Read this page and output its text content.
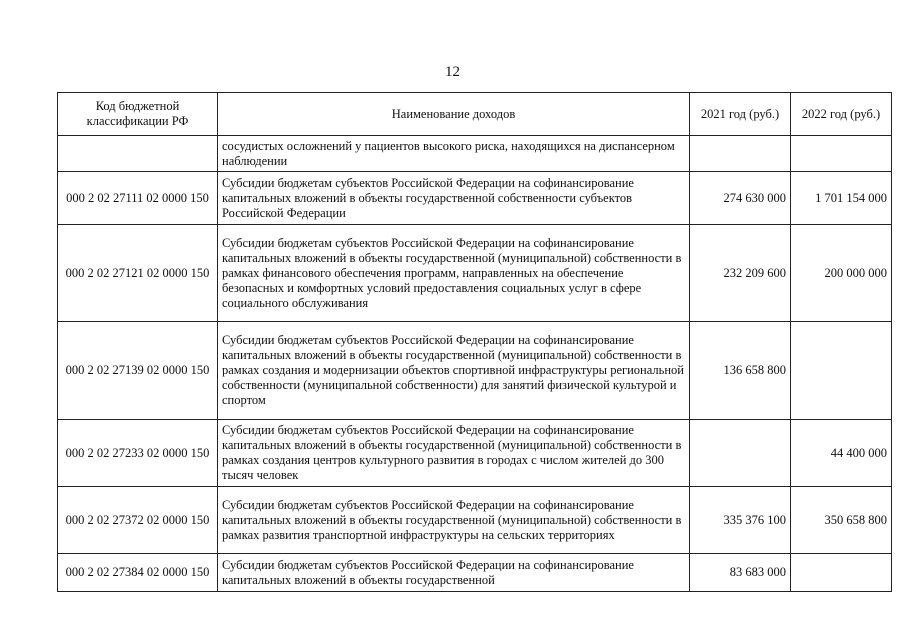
12
Код бюджетной классификации РФ	Наименование доходов	2021 год (руб.)	2022 год (руб.)
	сосудистых осложнений у пациентов высокого риска, находящихся на диспансерном наблюдении		
000 2 02 27111 02 0000 150	Субсидии бюджетам субъектов Российской Федерации на софинансирование капитальных вложений в объекты государственной собственности субъектов Российской Федерации	274 630 000	1 701 154 000
000 2 02 27121 02 0000 150	Субсидии бюджетам субъектов Российской Федерации на софинансирование капитальных вложений в объекты государственной (муниципальной) собственности в рамках финансового обеспечения программ, направленных на обеспечение безопасных и комфортных условий предоставления социальных услуг в сфере социального обслуживания	232 209 600	200 000 000
000 2 02 27139 02 0000 150	Субсидии бюджетам субъектов Российской Федерации на софинансирование капитальных вложений в объекты государственной (муниципальной) собственности в рамках создания и модернизации объектов спортивной инфраструктуры региональной собственности (муниципальной собственности) для занятий физической культурой и спортом	136 658 800	
000 2 02 27233 02 0000 150	Субсидии бюджетам субъектов Российской Федерации на софинансирование капитальных вложений в объекты государственной (муниципальной) собственности в рамках создания центров культурного развития в городах с числом жителей до 300 тысяч человек		44 400 000
000 2 02 27372 02 0000 150	Субсидии бюджетам субъектов Российской Федерации на софинансирование капитальных вложений в объекты государственной (муниципальной) собственности в рамках развития транспортной инфраструктуры на сельских территориях	335 376 100	350 658 800
000 2 02 27384 02 0000 150	Субсидии бюджетам субъектов Российской Федерации на софинансирование капитальных вложений в объекты государственной	83 683 000	
